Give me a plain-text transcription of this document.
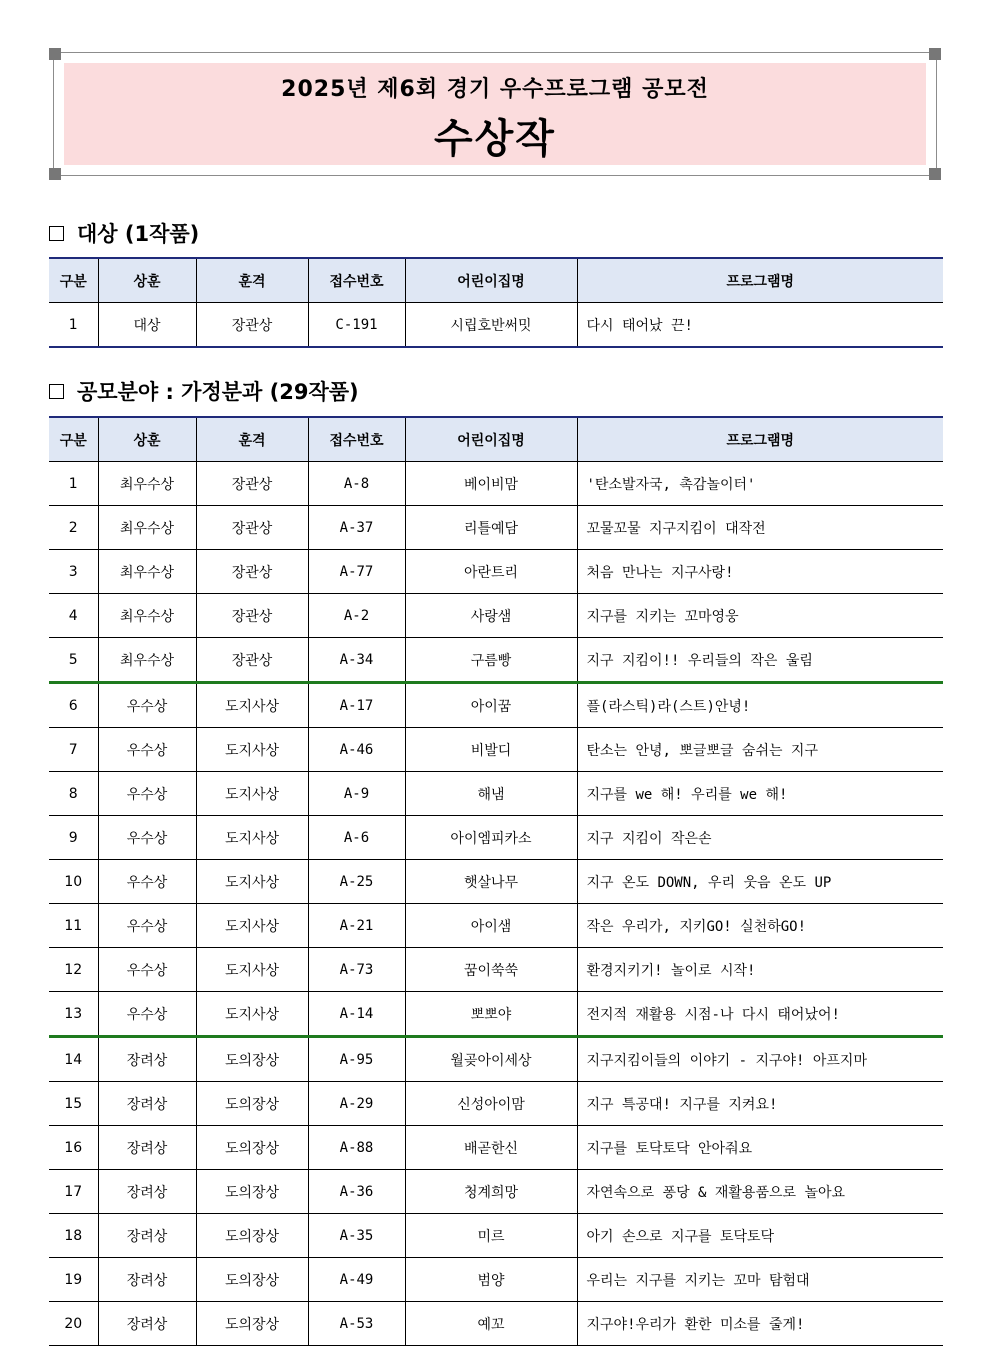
2025년 제6회 경기 우수프로그램 공모전
수상작
대상 (1작품)
구분	상훈	훈격	접수번호	어린이집명	프로그램명
1	대상	장관상	C-191	시립호반써밋	다시 태어났 끈!
공모분야 : 가정분과 (29작품)
구분	상훈	훈격	접수번호	어린이집명	프로그램명
1	최우수상	장관상	A-8	베이비맘	'탄소발자국, 촉감놀이터'
2	최우수상	장관상	A-37	리틀예담	꼬물꼬물 지구지킴이 대작전
3	최우수상	장관상	A-77	아란트리	처음 만나는 지구사랑!
4	최우수상	장관상	A-2	사랑샘	지구를 지키는 꼬마영웅
5	최우수상	장관상	A-34	구름빵	지구 지킴이!! 우리들의 작은 울림
6	우수상	도지사상	A-17	아이꿈	플(라스틱)라(스트)안녕!
7	우수상	도지사상	A-46	비발디	탄소는 안녕, 뽀글뽀글 숨쉬는 지구
8	우수상	도지사상	A-9	해냄	지구를 we 해! 우리를 we 해!
9	우수상	도지사상	A-6	아이엠피카소	지구 지킴이 작은손
10	우수상	도지사상	A-25	햇살나무	지구 온도 DOWN, 우리 웃음 온도 UP
11	우수상	도지사상	A-21	아이샘	작은 우리가, 지키GO! 실천하GO!
12	우수상	도지사상	A-73	꿈이쑥쑥	환경지키기! 놀이로 시작!
13	우수상	도지사상	A-14	뽀뽀야	전지적 재활용 시점-나 다시 태어났어!
14	장려상	도의장상	A-95	월곶아이세상	지구지킴이들의 이야기 - 지구야! 아프지마
15	장려상	도의장상	A-29	신성아이맘	지구 특공대! 지구를 지켜요!
16	장려상	도의장상	A-88	배곧한신	지구를 토닥토닥 안아줘요
17	장려상	도의장상	A-36	청계희망	자연속으로 퐁당 & 재활용품으로 놀아요
18	장려상	도의장상	A-35	미르	아기 손으로 지구를 토닥토닥
19	장려상	도의장상	A-49	범양	우리는 지구를 지키는 꼬마 탐험대
20	장려상	도의장상	A-53	예꼬	지구야!우리가 환한 미소를 줄게!
